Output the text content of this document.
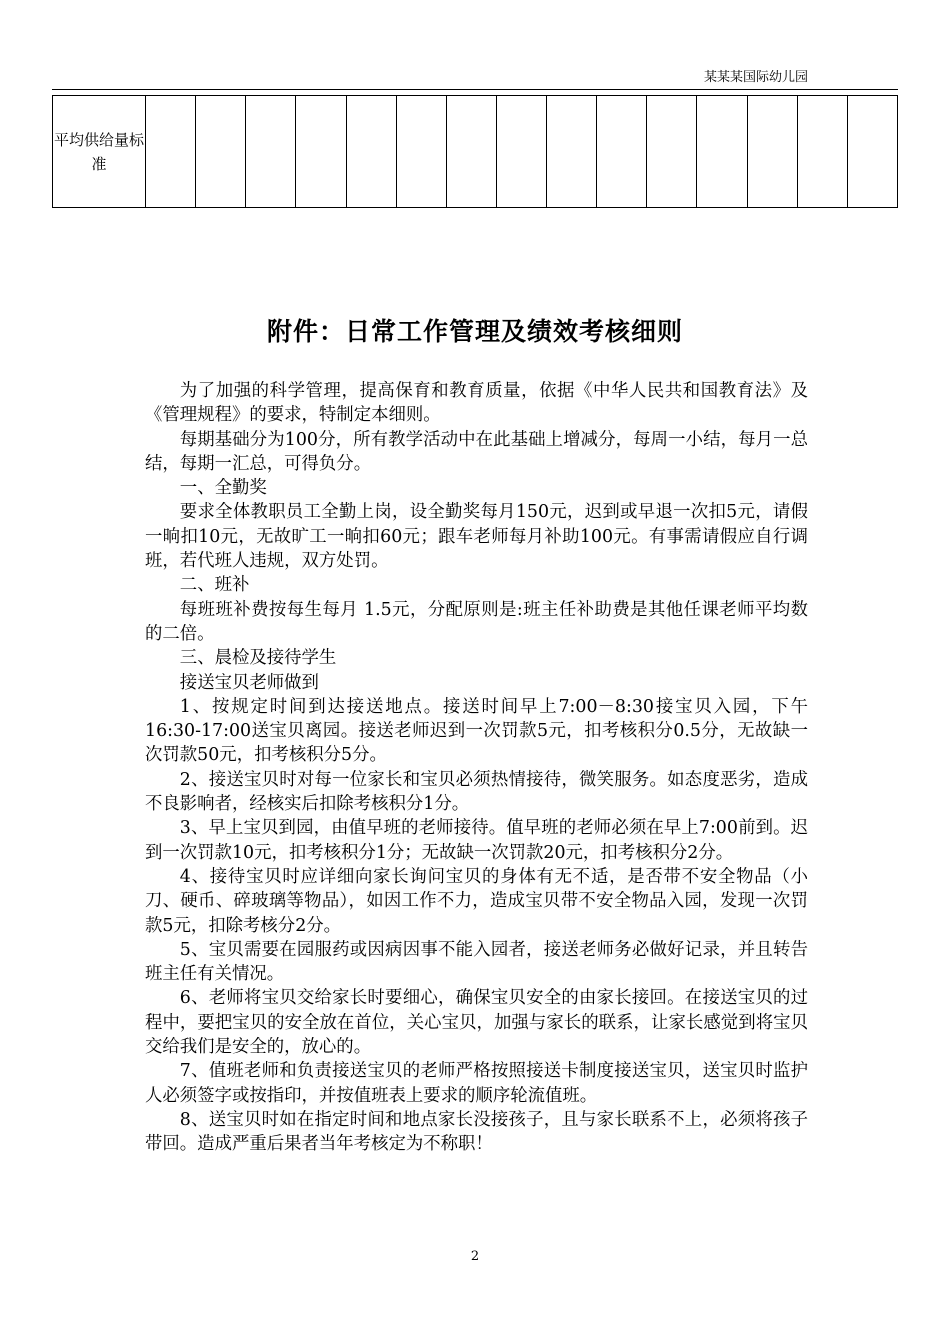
某某某国际幼儿园
平均供给量标准															
附件：日常工作管理及绩效考核细则

为了加强的科学管理，提高保育和教育质量，依据《中华人民共和国教育法》及《管理规程》的要求，特制定本细则。

每期基础分为100分，所有教学活动中在此基础上增减分，每周一小结，每月一总结，每期一汇总，可得负分。

一、全勤奖

要求全体教职员工全勤上岗，设全勤奖每月150元，迟到或早退一次扣5元，请假一晌扣10元，无故旷工一晌扣60元；跟车老师每月补助100元。有事需请假应自行调班，若代班人违规，双方处罚。

二、班补

每班班补费按每生每月 1.5元，分配原则是:班主任补助费是其他任课老师平均数的二倍。

三、晨检及接待学生

接送宝贝老师做到

1、按规定时间到达接送地点。接送时间早上7:00－8:30接宝贝入园，下午16:30-17:00送宝贝离园。接送老师迟到一次罚款5元，扣考核积分0.5分，无故缺一次罚款50元，扣考核积分5分。

2、接送宝贝时对每一位家长和宝贝必须热情接待，微笑服务。如态度恶劣，造成不良影响者，经核实后扣除考核积分1分。

3、早上宝贝到园，由值早班的老师接待。值早班的老师必须在早上7:00前到。迟到一次罚款10元，扣考核积分1分；无故缺一次罚款20元，扣考核积分2分。

4、接待宝贝时应详细向家长询问宝贝的身体有无不适，是否带不安全物品（小刀、硬币、碎玻璃等物品），如因工作不力，造成宝贝带不安全物品入园，发现一次罚款5元，扣除考核分2分。

5、宝贝需要在园服药或因病因事不能入园者，接送老师务必做好记录，并且转告班主任有关情况。

6、老师将宝贝交给家长时要细心，确保宝贝安全的由家长接回。在接送宝贝的过程中，要把宝贝的安全放在首位，关心宝贝，加强与家长的联系，让家长感觉到将宝贝交给我们是安全的，放心的。

7、值班老师和负责接送宝贝的老师严格按照接送卡制度接送宝贝，送宝贝时监护人必须签字或按指印，并按值班表上要求的顺序轮流值班。

8、送宝贝时如在指定时间和地点家长没接孩子，且与家长联系不上，必须将孩子带回。造成严重后果者当年考核定为不称职！

2
